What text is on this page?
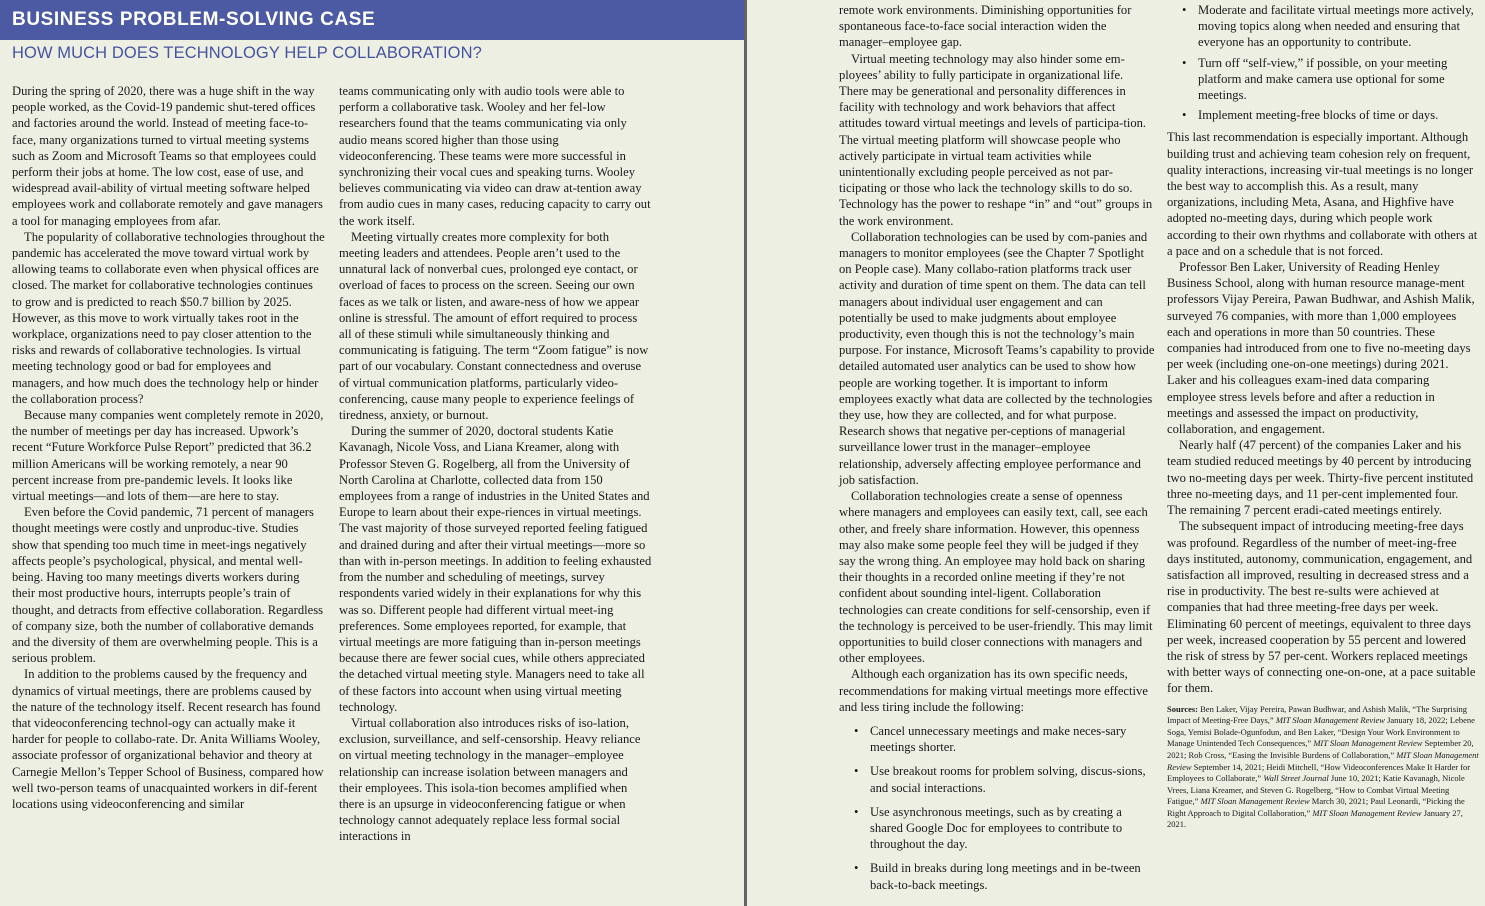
BUSINESS PROBLEM-SOLVING CASE
HOW MUCH DOES TECHNOLOGY HELP COLLABORATION?

During the spring of 2020, there was a huge shift in the way people worked, as the Covid-19 pandemic shut-tered offices and factories around the world. Instead of meeting face-to-face, many organizations turned to virtual meeting systems such as Zoom and Microsoft Teams so that employees could perform their jobs at home. The low cost, ease of use, and widespread avail-ability of virtual meeting software helped employees work and collaborate remotely and gave managers a tool for managing employees from afar.

The popularity of collaborative technologies throughout the pandemic has accelerated the move toward virtual work by allowing teams to collaborate even when physical offices are closed. The market for collaborative technologies continues to grow and is predicted to reach $50.7 billion by 2025. However, as this move to work virtually takes root in the workplace, organizations need to pay closer attention to the risks and rewards of collaborative technologies. Is virtual meeting technology good or bad for employees and managers, and how much does the technology help or hinder the collaboration process?

Because many companies went completely remote in 2020, the number of meetings per day has increased. Upwork’s recent “Future Workforce Pulse Report” predicted that 36.2 million Americans will be working remotely, a near 90 percent increase from pre-pandemic levels. It looks like virtual meetings—and lots of them—are here to stay.

Even before the Covid pandemic, 71 percent of managers thought meetings were costly and unproduc-tive. Studies show that spending too much time in meet-ings negatively affects people’s psychological, physical, and mental well-being. Having too many meetings diverts workers during their most productive hours, interrupts people’s train of thought, and detracts from effective collaboration. Regardless of company size, both the number of collaborative demands and the diversity of them are overwhelming people. This is a serious problem.

In addition to the problems caused by the frequency and dynamics of virtual meetings, there are problems caused by the nature of the technology itself. Recent research has found that videoconferencing technol-ogy can actually make it harder for people to collabo-rate. Dr. Anita Williams Wooley, associate professor of organizational behavior and theory at Carnegie Mellon’s Tepper School of Business, compared how well two-person teams of unacquainted workers in dif-ferent locations using videoconferencing and similar

teams communicating only with audio tools were able to perform a collaborative task. Wooley and her fel-low researchers found that the teams communicating via only audio means scored higher than those using videoconferencing. These teams were more successful in synchronizing their vocal cues and speaking turns. Wooley believes communicating via video can draw at-tention away from audio cues in many cases, reducing capacity to carry out the work itself.

Meeting virtually creates more complexity for both meeting leaders and attendees. People aren’t used to the unnatural lack of nonverbal cues, prolonged eye contact, or overload of faces to process on the screen. Seeing our own faces as we talk or listen, and aware-ness of how we appear online is stressful. The amount of effort required to process all of these stimuli while simultaneously thinking and communicating is fatiguing. The term “Zoom fatigue” is now part of our vocabulary. Constant connectedness and overuse of virtual communication platforms, particularly video-conferencing, cause many people to experience feelings of tiredness, anxiety, or burnout.

During the summer of 2020, doctoral students Katie Kavanagh, Nicole Voss, and Liana Kreamer, along with Professor Steven G. Rogelberg, all from the University of North Carolina at Charlotte, collected data from 150 employees from a range of industries in the United States and Europe to learn about their expe-riences in virtual meetings. The vast majority of those surveyed reported feeling fatigued and drained during and after their virtual meetings—more so than with in-person meetings. In addition to feeling exhausted from the number and scheduling of meetings, survey respondents varied widely in their explanations for why this was so. Different people had different virtual meet-ing preferences. Some employees reported, for example, that virtual meetings are more fatiguing than in-person meetings because there are fewer social cues, while others appreciated the detached virtual meeting style. Managers need to take all of these factors into account when using virtual meeting technology.

Virtual collaboration also introduces risks of iso-lation, exclusion, surveillance, and self-censorship. Heavy reliance on virtual meeting technology in the manager–employee relationship can increase isolation between managers and their employees. This isola-tion becomes amplified when there is an upsurge in videoconferencing fatigue or when technology cannot adequately replace less formal social interactions in

remote work environments. Diminishing opportunities for spontaneous face-to-face social interaction widen the manager–employee gap.

Virtual meeting technology may also hinder some em-ployees’ ability to fully participate in organizational life. There may be generational and personality differences in facility with technology and work behaviors that affect attitudes toward virtual meetings and levels of participa-tion. The virtual meeting platform will showcase people who actively participate in virtual team activities while unintentionally excluding people perceived as not par-ticipating or those who lack the technology skills to do so. Technology has the power to reshape “in” and “out” groups in the work environment.

Collaboration technologies can be used by com-panies and managers to monitor employees (see the Chapter 7 Spotlight on People case). Many collabo-ration platforms track user activity and duration of time spent on them. The data can tell managers about individual user engagement and can potentially be used to make judgments about employee productivity, even though this is not the technology’s main purpose. For instance, Microsoft Teams’s capability to provide detailed automated user analytics can be used to show how people are working together. It is important to inform employees exactly what data are collected by the technologies they use, how they are collected, and for what purpose. Research shows that negative per-ceptions of managerial surveillance lower trust in the manager–employee relationship, adversely affecting employee performance and job satisfaction.

Collaboration technologies create a sense of openness where managers and employees can easily text, call, see each other, and freely share information. However, this openness may also make some people feel they will be judged if they say the wrong thing. An employee may hold back on sharing their thoughts in a recorded online meeting if they’re not confident about sounding intel-ligent. Collaboration technologies can create conditions for self-censorship, even if the technology is perceived to be user-friendly. This may limit opportunities to build closer connections with managers and other employees.

Although each organization has its own specific needs, recommendations for making virtual meetings more effective and less tiring include the following:

• Cancel unnecessary meetings and make neces-sary meetings shorter.
• Use breakout rooms for problem solving, discus-sions, and social interactions.
• Use asynchronous meetings, such as by creating a shared Google Doc for employees to contribute to throughout the day.
• Build in breaks during long meetings and in be-tween back-to-back meetings.
• Moderate and facilitate virtual meetings more actively, moving topics along when needed and ensuring that everyone has an opportunity to contribute.
• Turn off “self-view,” if possible, on your meeting platform and make camera use optional for some meetings.
• Implement meeting-free blocks of time or days.

This last recommendation is especially important. Although building trust and achieving team cohesion rely on frequent, quality interactions, increasing vir-tual meetings is no longer the best way to accomplish this. As a result, many organizations, including Meta, Asana, and Highfive have adopted no-meeting days, during which people work according to their own rhythms and collaborate with others at a pace and on a schedule that is not forced.

Professor Ben Laker, University of Reading Henley Business School, along with human resource manage-ment professors Vijay Pereira, Pawan Budhwar, and Ashish Malik, surveyed 76 companies, with more than 1,000 employees each and operations in more than 50 countries. These companies had introduced from one to five no-meeting days per week (including one-on-one meetings) during 2021. Laker and his colleagues exam-ined data comparing employee stress levels before and after a reduction in meetings and assessed the impact on productivity, collaboration, and engagement.

Nearly half (47 percent) of the companies Laker and his team studied reduced meetings by 40 percent by introducing two no-meeting days per week. Thirty-five percent instituted three no-meeting days, and 11 per-cent implemented four. The remaining 7 percent eradi-cated meetings entirely.

The subsequent impact of introducing meeting-free days was profound. Regardless of the number of meet-ing-free days instituted, autonomy, communication, engagement, and satisfaction all improved, resulting in decreased stress and a rise in productivity. The best re-sults were achieved at companies that had three meeting-free days per week. Eliminating 60 percent of meetings, equivalent to three days per week, increased cooperation by 55 percent and lowered the risk of stress by 57 per-cent. Workers replaced meetings with better ways of connecting one-on-one, at a pace suitable for them.

Sources: Ben Laker, Vijay Pereira, Pawan Budhwar, and Ashish Malik, “The Surprising Impact of Meeting-Free Days,” MIT Sloan Management Review January 18, 2022; Lebene Soga, Yemisi Bolade-Ogunfodun, and Ben Laker, “Design Your Work Environment to Manage Unintended Tech Consequences,” MIT Sloan Management Review September 20, 2021; Rob Cross, “Easing the Invisible Burdens of Collaboration,” MIT Sloan Management Review September 14, 2021; Heidi Mitchell, “How Videoconferences Make It Harder for Employees to Collaborate,” Wall Street Journal June 10, 2021; Katie Kavanagh, Nicole Vrees, Liana Kreamer, and Steven G. Rogelberg, “How to Combat Virtual Meeting Fatigue,” MIT Sloan Management Review March 30, 2021; Paul Leonardi, “Picking the Right Approach to Digital Collaboration,” MIT Sloan Management Review January 27, 2021.
